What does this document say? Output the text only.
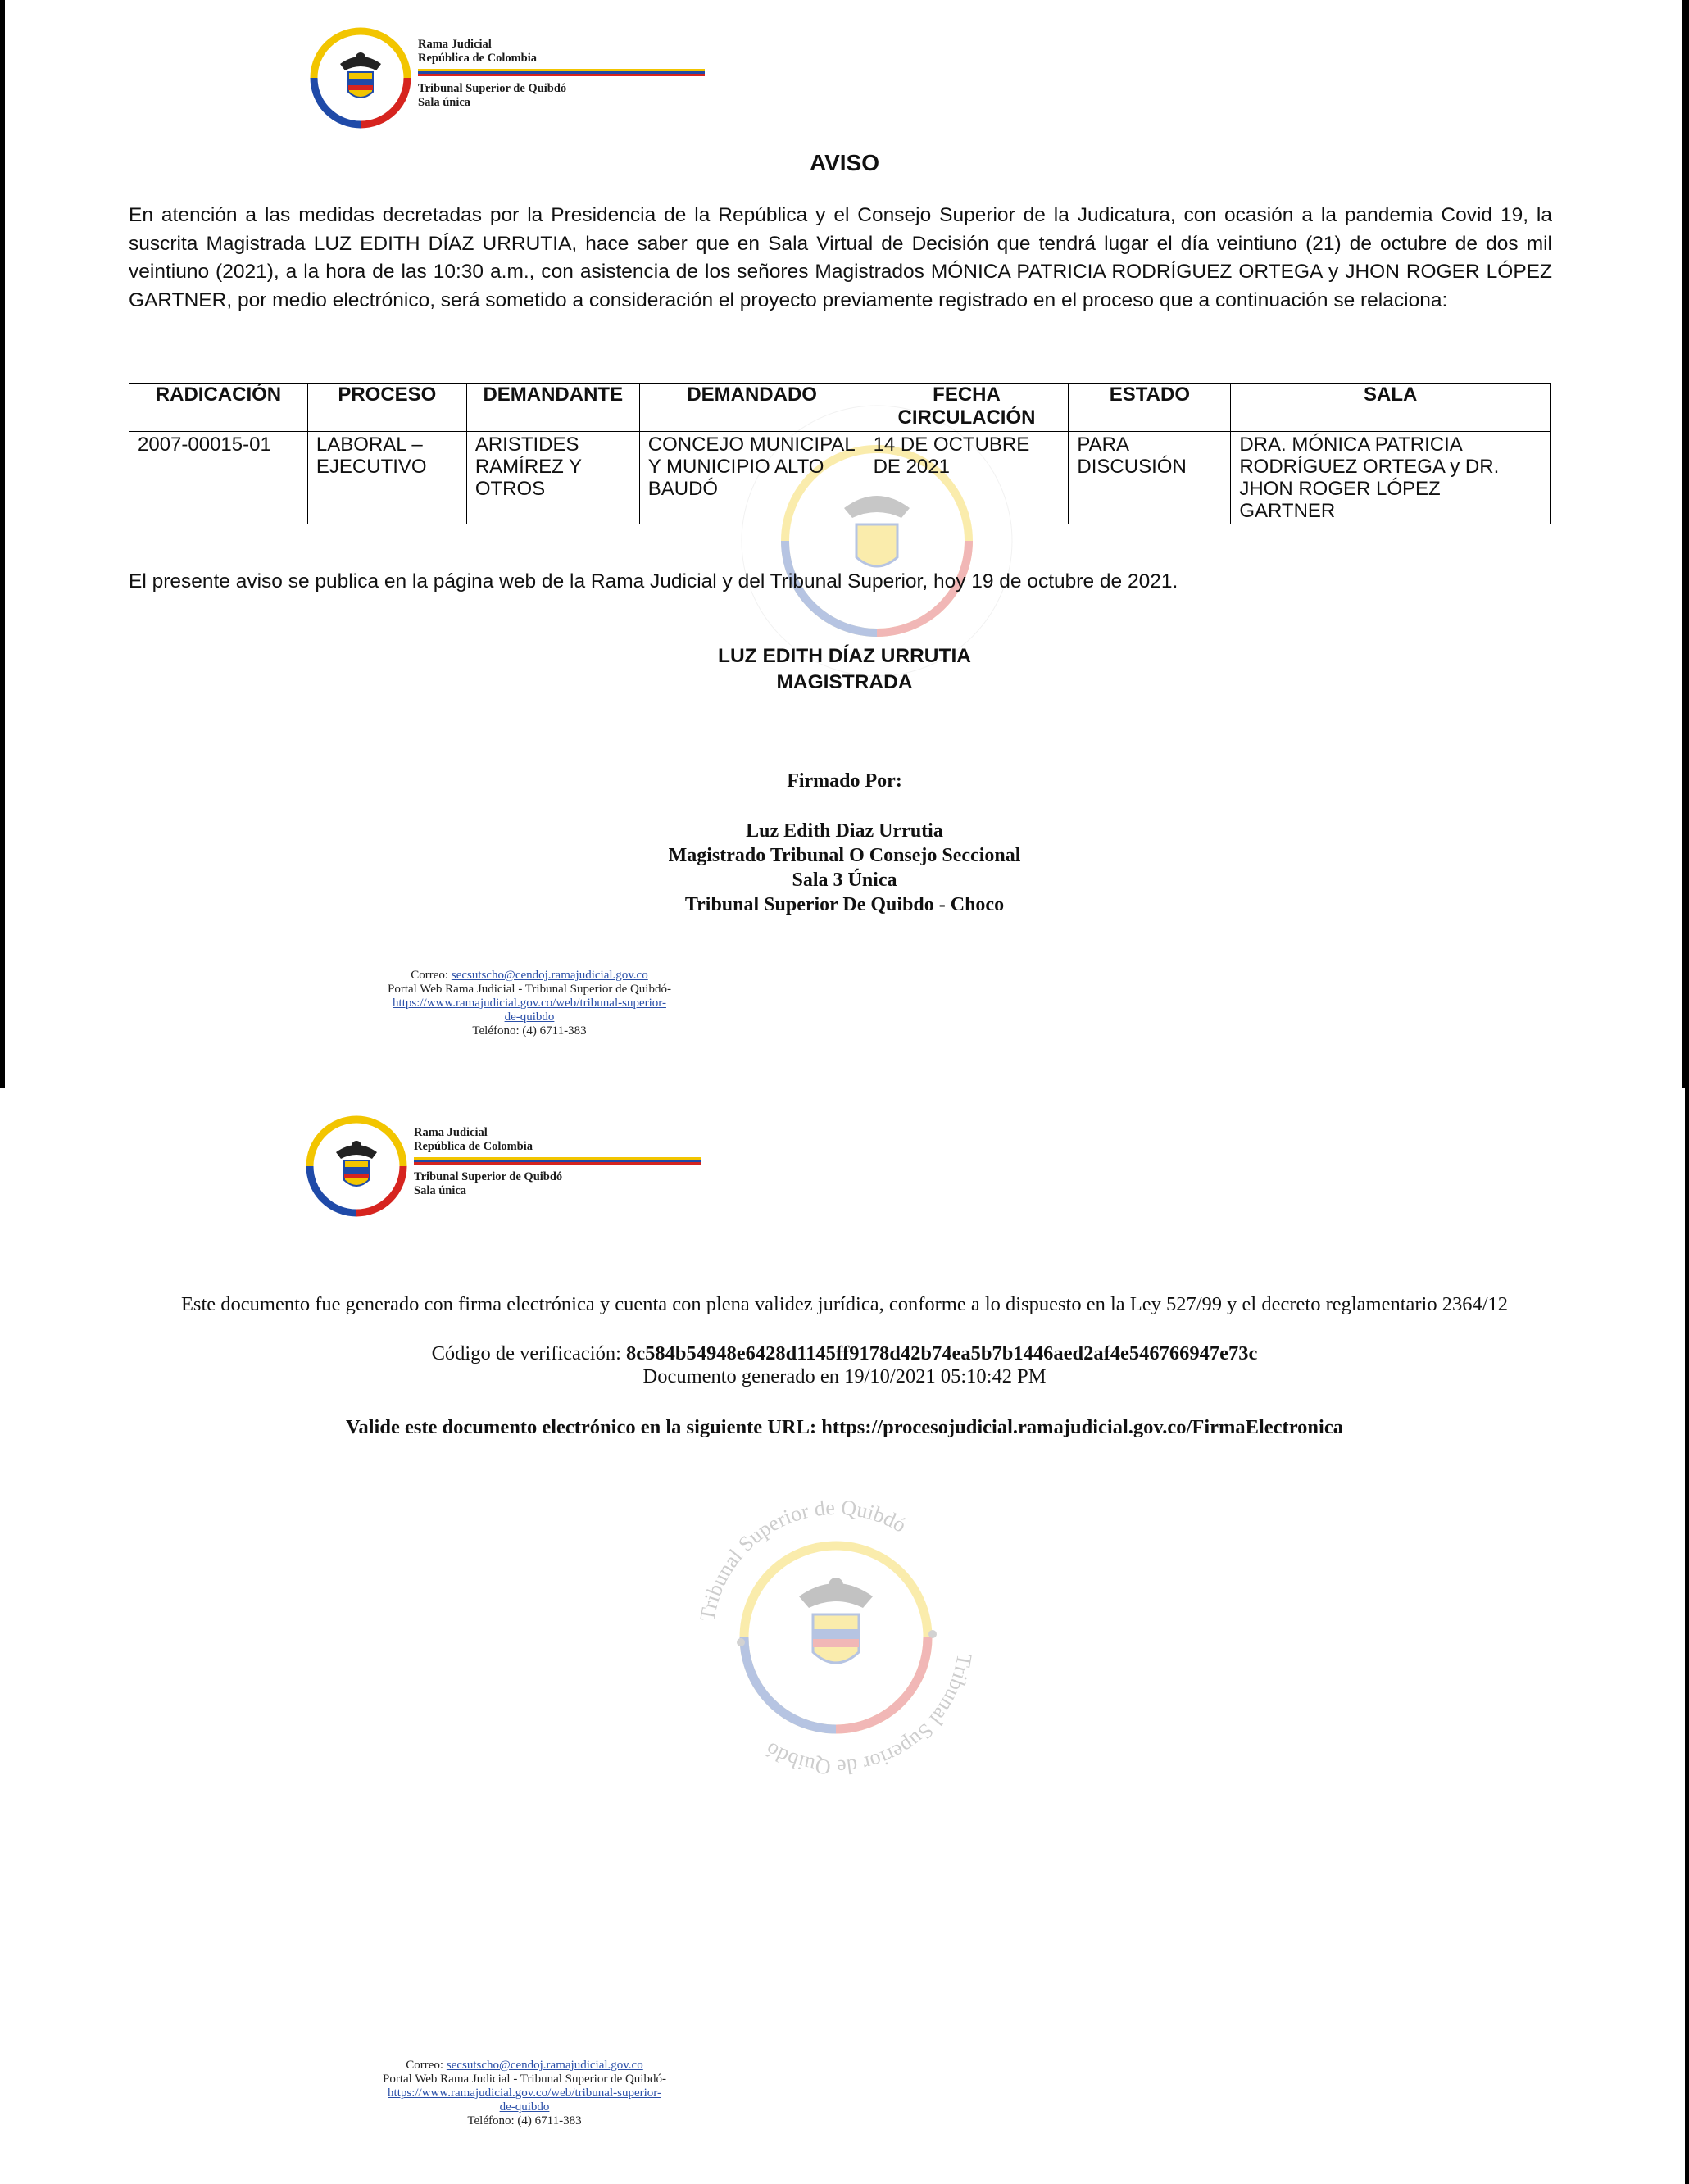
Rama Judicial
República de Colombia
Tribunal Superior de Quibdó
Sala única
AVISO
En atención a las medidas decretadas por la Presidencia de la República y el Consejo Superior de la Judicatura, con ocasión a la pandemia Covid 19, la suscrita Magistrada LUZ EDITH DÍAZ URRUTIA, hace saber que en Sala Virtual de Decisión que tendrá lugar el día veintiuno (21) de octubre de dos mil veintiuno (2021), a la hora de las 10:30 a.m., con asistencia de los señores Magistrados MÓNICA PATRICIA RODRÍGUEZ ORTEGA y JHON ROGER LÓPEZ GARTNER, por medio electrónico, será sometido a consideración el proyecto previamente registrado en el proceso que a continuación se relaciona:
RADICACIÓN	PROCESO	DEMANDANTE	DEMANDADO	FECHA CIRCULACIÓN	ESTADO	SALA
2007-00015-01	LABORAL – EJECUTIVO	ARISTIDES RAMÍREZ Y OTROS	CONCEJO MUNICIPAL Y MUNICIPIO ALTO BAUDÓ	14 DE OCTUBRE DE 2021	PARA DISCUSIÓN	DRA. MÓNICA PATRICIA RODRÍGUEZ ORTEGA y DR. JHON ROGER LÓPEZ GARTNER
El presente aviso se publica en la página web de la Rama Judicial y del Tribunal Superior, hoy 19 de octubre de 2021.
LUZ EDITH DÍAZ URRUTIA
MAGISTRADA
Firmado Por:
Luz Edith Diaz Urrutia
Magistrado Tribunal O Consejo Seccional
Sala 3 Única
Tribunal Superior De Quibdo - Choco
Correo: secsutscho@cendoj.ramajudicial.gov.co
Portal Web Rama Judicial - Tribunal Superior de Quibdó-
https://www.ramajudicial.gov.co/web/tribunal-superior-
de-quibdo
Teléfono: (4) 6711-383
Rama Judicial
República de Colombia
Tribunal Superior de Quibdó
Sala única
Este documento fue generado con firma electrónica y cuenta con plena validez jurídica, conforme a lo dispuesto en la Ley 527/99 y el decreto reglamentario 2364/12
Código de verificación: 8c584b54948e6428d1145ff9178d42b74ea5b7b1446aed2af4e546766947e73c
Documento generado en 19/10/2021 05:10:42 PM
Valide este documento electrónico en la siguiente URL: https://procesojudicial.ramajudicial.gov.co/FirmaElectronica
Tribunal Superior de Quibdó
Tribunal Superior de Quibdó
Correo: secsutscho@cendoj.ramajudicial.gov.co
Portal Web Rama Judicial - Tribunal Superior de Quibdó-
https://www.ramajudicial.gov.co/web/tribunal-superior-
de-quibdo
Teléfono: (4) 6711-383
